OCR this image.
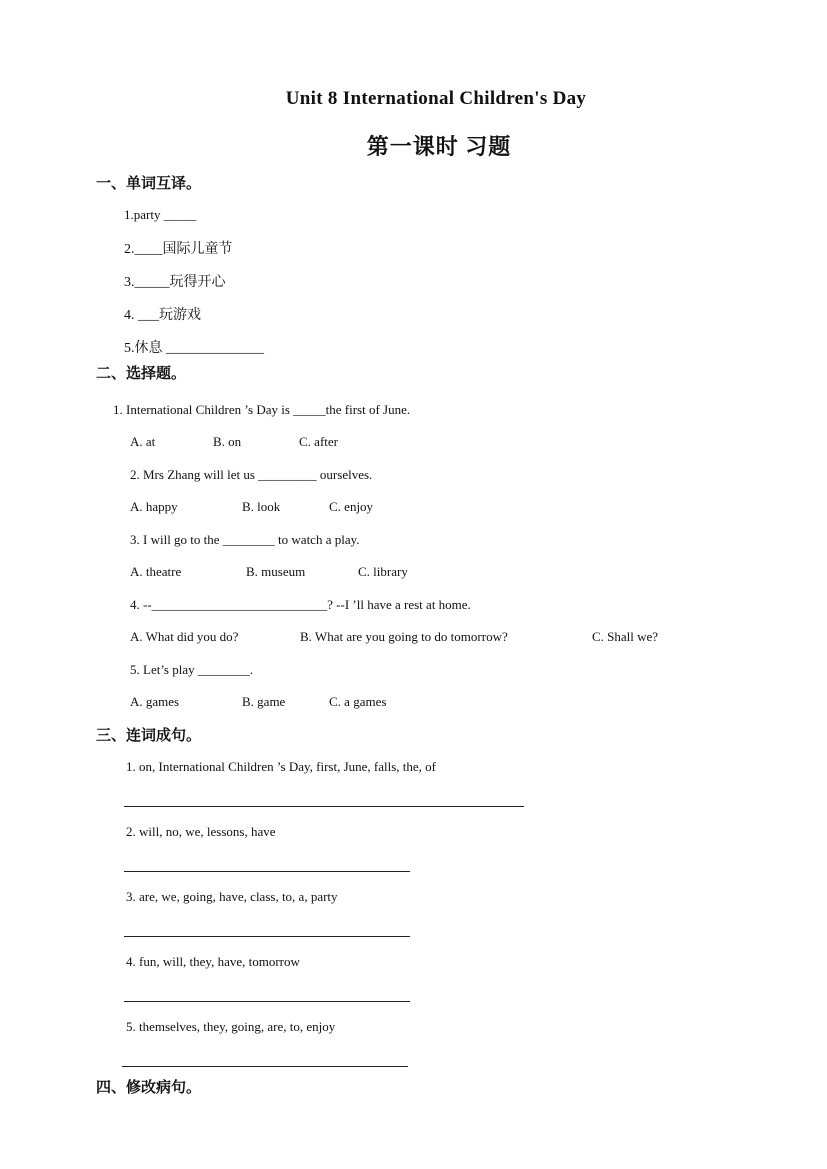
Unit 8 International Children's Day
第一课时 习题
一、单词互译。
1.party _____
2.____国际儿童节
3._____玩得开心
4. ___玩游戏
5.休息 ______________
二、选择题。
1. International Children ’s Day is _____the first of June.
A. at	B. on	C. after
2. Mrs Zhang will let us _________ ourselves.
A. happy	B. look	C. enjoy
3. I will go to the ________ to watch a play.
A. theatre	B. museum	C. library
4. --___________________________? --I ’ll have a rest at home.
A. What did you do?	B. What are you going to do tomorrow?	C. Shall we?
5. Let’s play ________.
A. games	B. game	C. a games
三、连词成句。
1. on, International Children ’s Day, first, June, falls, the, of
2. will, no, we, lessons, have
3. are, we, going, have, class, to, a, party
4. fun, will, they, have, tomorrow
5. themselves, they, going, are, to, enjoy
四、修改病句。
